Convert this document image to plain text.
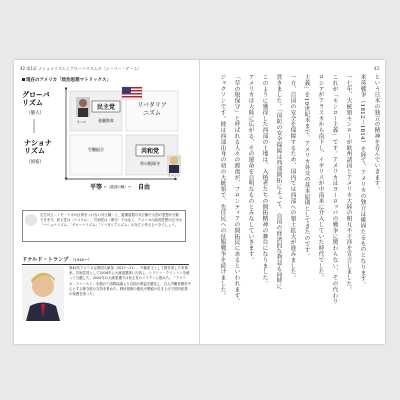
42 第1章 ナショナリズムとグローバリズムの〈シーソー・ゲーム〉
現在のアメリカ「政治思想マトリックス」
グローバリズム
（個人）
ナショナリズム
（国家）
オバマ
民主党
金融資本
リバタリアニズム
労働組合	共和党
草の根保守
トランプ
平等 ←（経済の軸）→ 自由

左右対立（トモ・ナカの区別をつけない対立軸）と、縦横複数の対立軸で大国の思想が分類できます。民主党は〈リベラル〉、共和党は〈保守〉ではなく、アメリカの政治思想の区分は「ナショナリズム」「グローバリズム」「リバタリアニズム」の対立と考えるべきでしょう。

ドナルド・トランプ （1946～）

第45代アメリカ合衆国大統領（2017～21）、不動産王として財を成した実業家。共和党員として2016年に大統領選挙に出馬し、ヒラリー・クリントンを破って当選した。2020年の大統領選では民主党のバイデンに敗れた。「アメリカ・ファースト」を掲げて国際協調より自国の利益を優先し、白人労働者層を中心とする保守派の支持を集めた。移民規制の強化や関税の引き上げで国内産業の保護を図った。

43
という日本の独立の精神を育んでいきます。
米英戦争（1812～1814）を経て、アメリカの独立は確固たるものとなります。
一七年、大統領モンローが欧州諸国とアメリカ大陸の相互不干渉を宣言しました。
これが「モンロー主義」です。アメリカはヨーロッパの戦争に関わらない、その代わり
ロシアがアラスカから南下し、イギリスが中南米に介入していた時代でした。
主義」を19世紀末まで、アメリカ外交の基本原則としてきたのです。
一方、自国の安全を保障するため、国内では西部への領土拡大が進みました。
貫きました。「国防の安全保障は西部開拓によって、自国の経済的な利益も同時に
このように獲得した西部の土地は、入植者たちの開拓精神の舞台になりました。
アメリカは大陸に広がる、その運命を自明なものとみなしていきます。
「草の根保守」と呼ばれる人々の源流が、フロンティアの開拓民にあるといわれます。
ジャクソンです。彼は西部出身の初の大統領で、先住民への征服戦争を続けました。
